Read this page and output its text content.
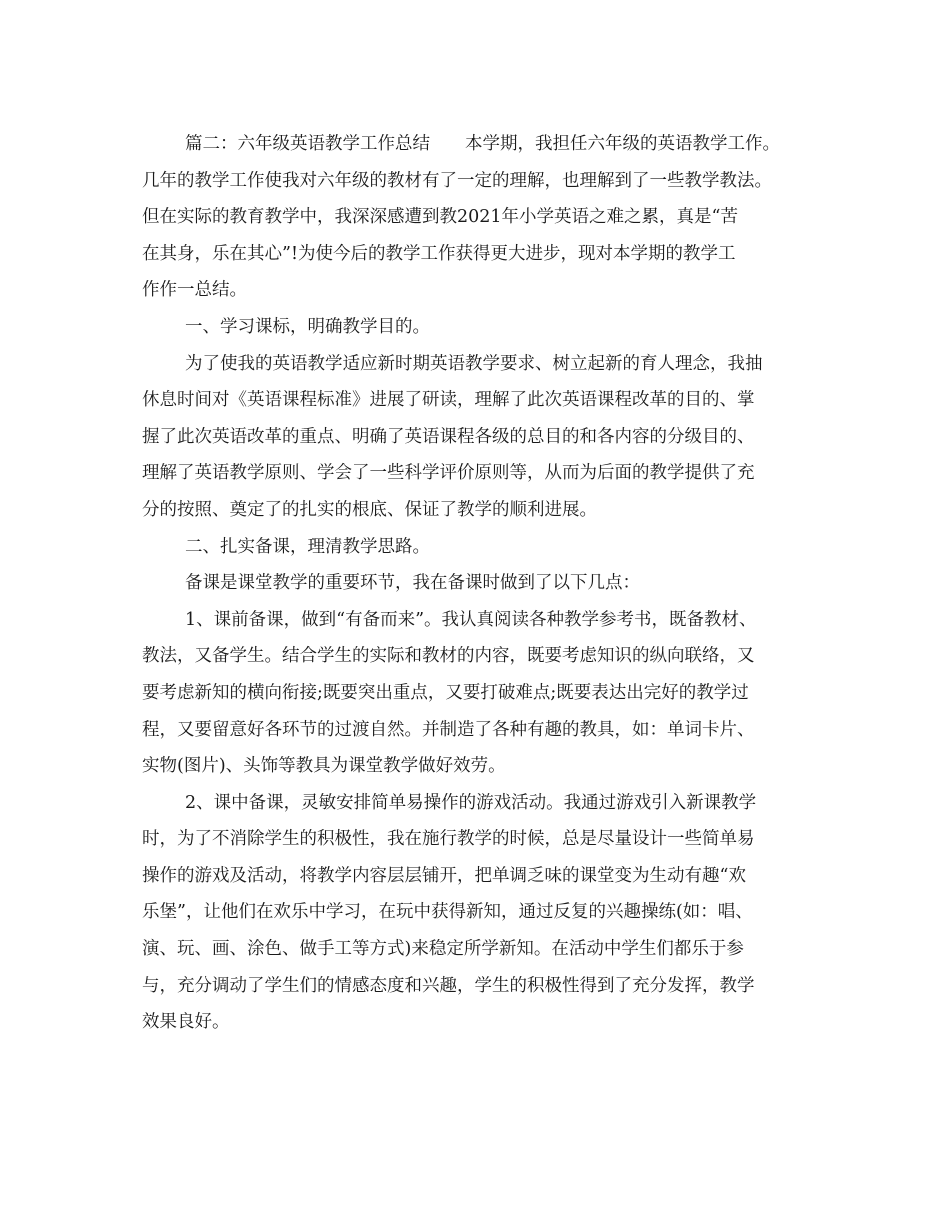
篇二：六年级英语教学工作总结　　本学期，我担任六年级的英语教学工作。
几年的教学工作使我对六年级的教材有了一定的理解，也理解到了一些教学教法。
但在实际的教育教学中，我深深感遭到教2021年小学英语之难之累，真是“苦
在其身，乐在其心”!为使今后的教学工作获得更大进步，现对本学期的教学工
作作一总结。
一、学习课标，明确教学目的。
为了使我的英语教学适应新时期英语教学要求、树立起新的育人理念，我抽
休息时间对《英语课程标准》进展了研读，理解了此次英语课程改革的目的、掌
握了此次英语改革的重点、明确了英语课程各级的总目的和各内容的分级目的、
理解了英语教学原则、学会了一些科学评价原则等，从而为后面的教学提供了充
分的按照、奠定了的扎实的根底、保证了教学的顺利进展。
二、扎实备课，理清教学思路。
备课是课堂教学的重要环节，我在备课时做到了以下几点：
1、课前备课，做到“有备而来”。我认真阅读各种教学参考书，既备教材、
教法，又备学生。结合学生的实际和教材的内容，既要考虑知识的纵向联络，又
要考虑新知的横向衔接;既要突出重点，又要打破难点;既要表达出完好的教学过
程，又要留意好各环节的过渡自然。并制造了各种有趣的教具，如：单词卡片、
实物(图片)、头饰等教具为课堂教学做好效劳。
2、课中备课，灵敏安排简单易操作的游戏活动。我通过游戏引入新课教学
时，为了不消除学生的积极性，我在施行教学的时候，总是尽量设计一些简单易
操作的游戏及活动，将教学内容层层铺开，把单调乏味的课堂变为生动有趣“欢
乐堡”，让他们在欢乐中学习，在玩中获得新知，通过反复的兴趣操练(如：唱、
演、玩、画、涂色、做手工等方式)来稳定所学新知。在活动中学生们都乐于参
与，充分调动了学生们的情感态度和兴趣，学生的积极性得到了充分发挥，教学
效果良好。
